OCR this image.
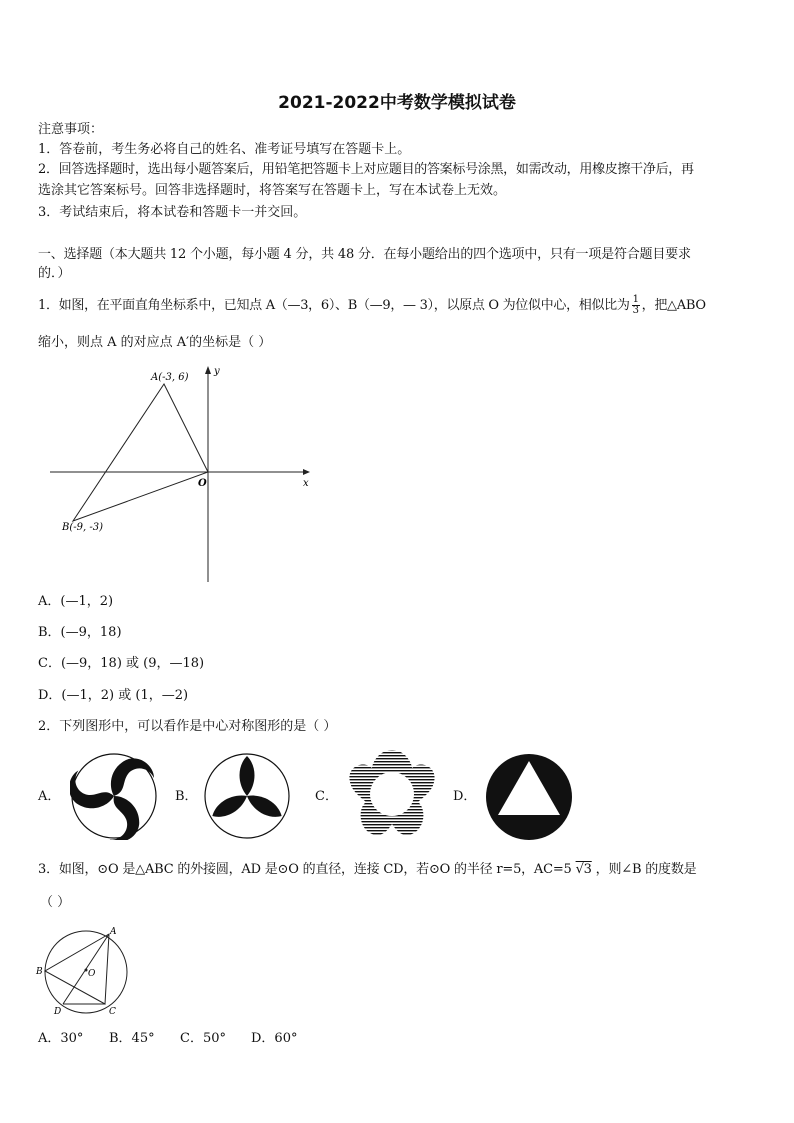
2021-2022中考数学模拟试卷
注意事项：
1．答卷前，考生务必将自己的姓名、准考证号填写在答题卡上。
2．回答选择题时，选出每小题答案后，用铅笔把答题卡上对应题目的答案标号涂黑，如需改动，用橡皮擦干净后，再
选涂其它答案标号。回答非选择题时，将答案写在答题卡上，写在本试卷上无效。
3．考试结束后，将本试卷和答题卡一并交回。
一、选择题（本大题共 12 个小题，每小题 4 分，共 48 分．在每小题给出的四个选项中，只有一项是符合题目要求
的．）
1．如图，在平面直角坐标系中，已知点 A（—3，6）、B（—9，— 3），以原点 O 为位似中心，相似比为 $\frac{1}{3}$ ，把△ABO
缩小，则点 A 的对应点 A′的坐标是（ ）
A(-3, 6)
B(-9, -3)
O	x
y
A．(—1，2)
B．(—9，18)
C．(—9，18) 或 (9，—18)
D．(—1，2) 或 (1，—2)
2．下列图形中，可以看作是中心对称图形的是（ ）
A．	B．	C．	D．
3．如图，⊙O 是△ABC 的外接圆，AD 是⊙O 的直径，连接 CD，若⊙O 的半径 r=5，AC=5 √3 ，则∠B 的度数是
（ ）
A
B
C
D
O
A．30° B．45° C．50° D．60°
